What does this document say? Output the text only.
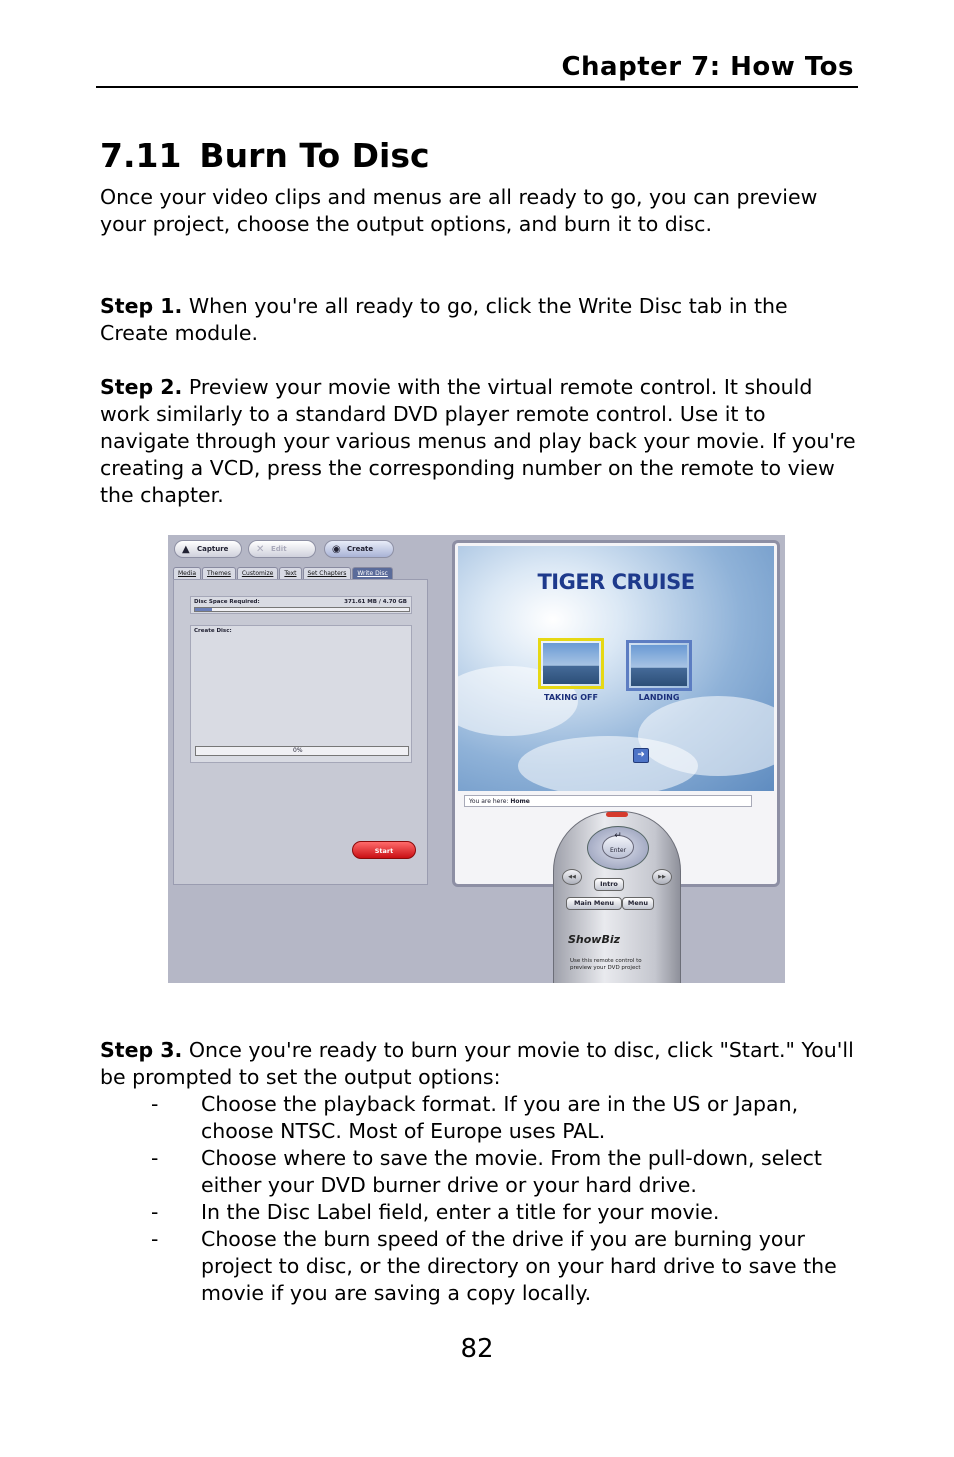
Chapter 7: How Tos
7.11 Burn To Disc

Once your video clips and menus are all ready to go, you can preview your project, choose the output options, and burn it to disc.

Step 1. When you're all ready to go, click the Write Disc tab in the Create module.

Step 2. Preview your movie with the virtual remote control. It should work similarly to a standard DVD player remote control. Use it to navigate through your various menus and play back your movie. If you're creating a VCD, press the corresponding number on the remote to view the chapter.

▲ Capture	✕ Edit	◉ Create
Media	Themes	Customize	Text	Set Chapters	Write Disc
Disc Space Required:	371.61 MB / 4.70 GB
Create Disc:
0%
Start
TIGER CRUISE
TAKING OFF	LANDING
➜
You are here: Home
↵
Enter
◀◀	▶▶
Intro
Main Menu	Menu
ShowBiz
Use this remote control to preview your DVD project

Step 3. Once you're ready to burn your movie to disc, click "Start." You'll be prompted to set the output options:

- Choose the playback format. If you are in the US or Japan, choose NTSC. Most of Europe uses PAL.
- Choose where to save the movie. From the pull-down, select either your DVD burner drive or your hard drive.
- In the Disc Label field, enter a title for your movie.
- Choose the burn speed of the drive if you are burning your project to disc, or the directory on your hard drive to save the movie if you are saving a copy locally.
82
